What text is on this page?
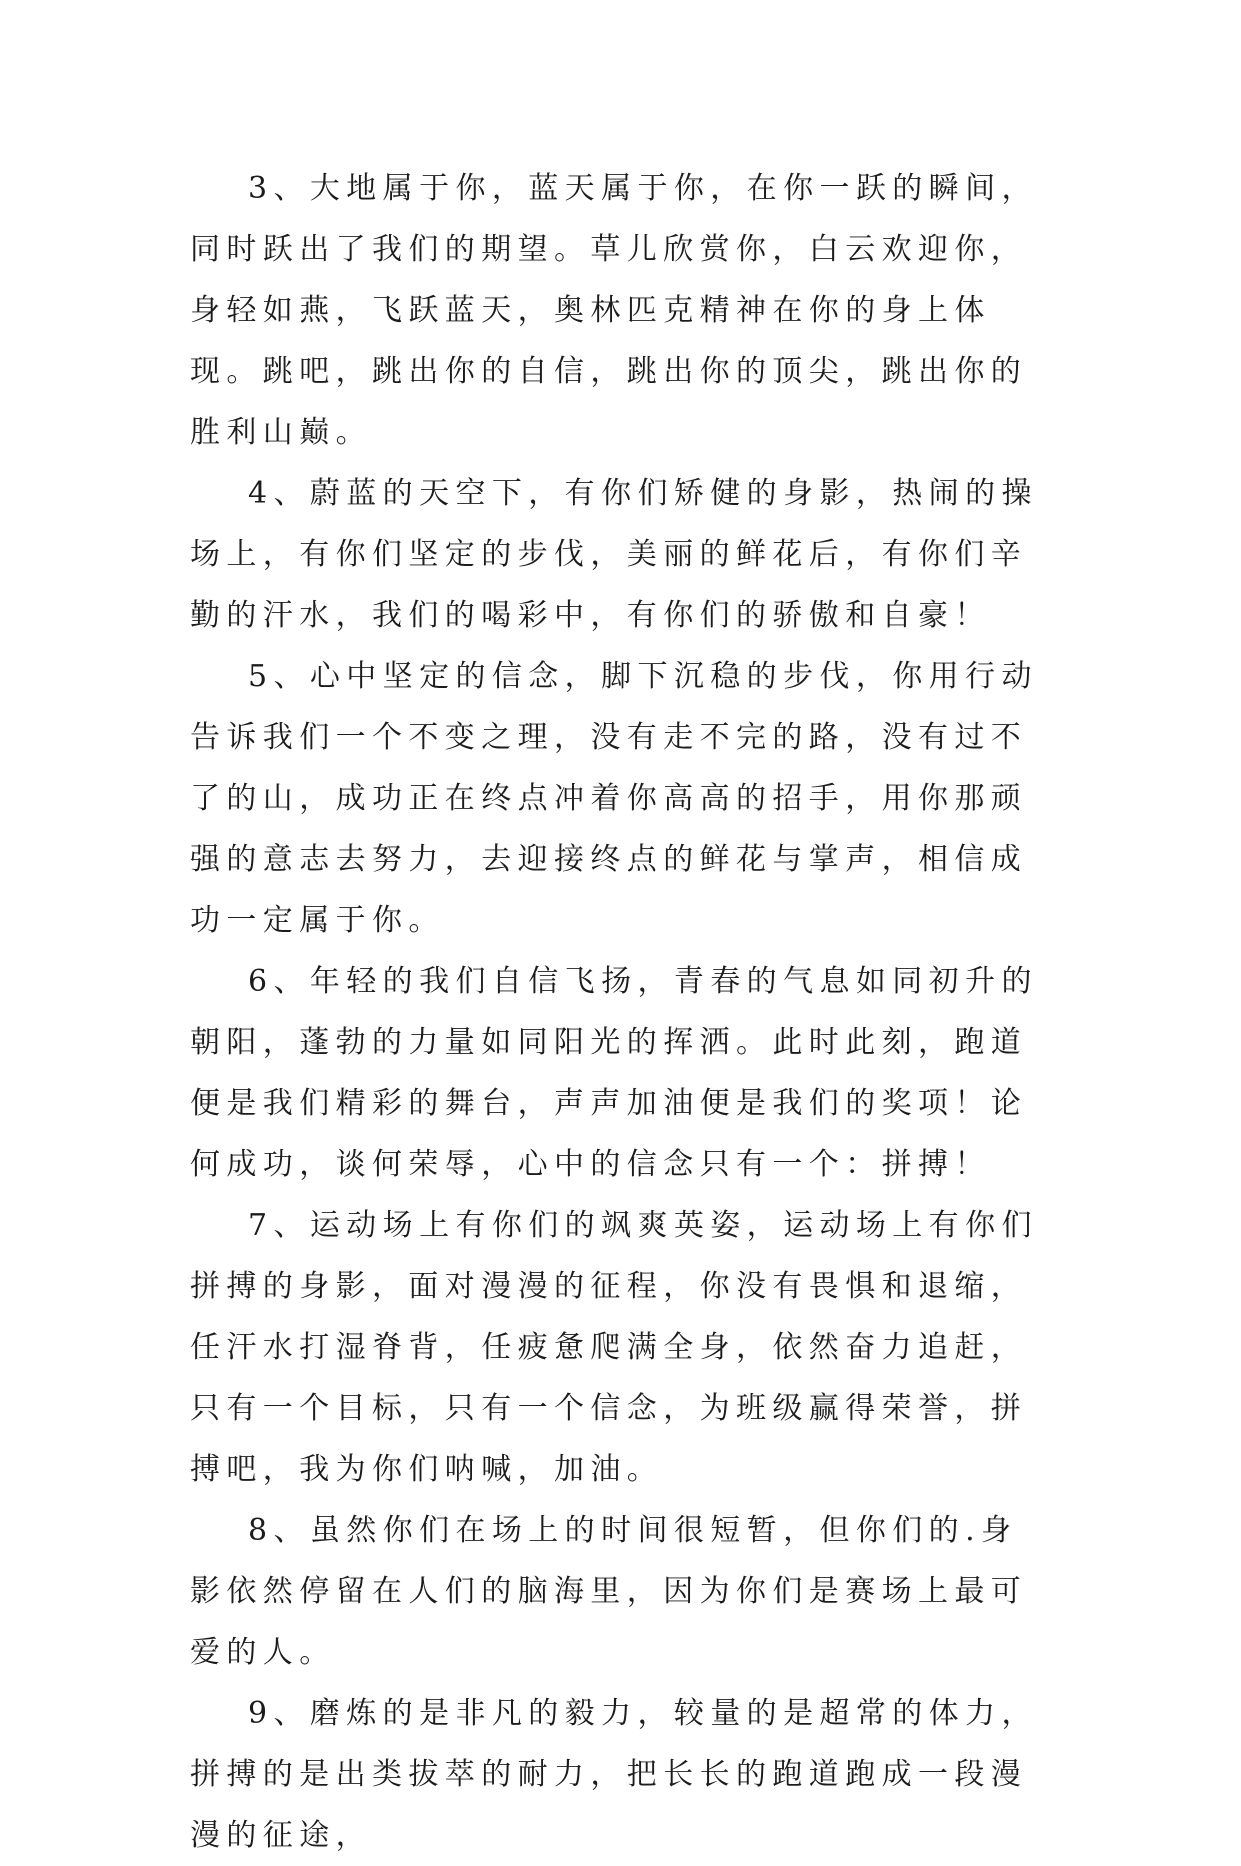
3、大地属于你，蓝天属于你，在你一跃的瞬间，同时跃出了我们的期望。草儿欣赏你，白云欢迎你，身轻如燕，飞跃蓝天，奥林匹克精神在你的身上体现。跳吧，跳出你的自信，跳出你的顶尖，跳出你的胜利山巅。

4、蔚蓝的天空下，有你们矫健的身影，热闹的操场上，有你们坚定的步伐，美丽的鲜花后，有你们辛勤的汗水，我们的喝彩中，有你们的骄傲和自豪！

5、心中坚定的信念，脚下沉稳的步伐，你用行动告诉我们一个不变之理，没有走不完的路，没有过不了的山，成功正在终点冲着你高高的招手，用你那顽强的意志去努力，去迎接终点的鲜花与掌声，相信成功一定属于你。

6、年轻的我们自信飞扬，青春的气息如同初升的朝阳，蓬勃的力量如同阳光的挥洒。此时此刻，跑道便是我们精彩的舞台，声声加油便是我们的奖项！论何成功，谈何荣辱，心中的信念只有一个：拼搏！

7、运动场上有你们的飒爽英姿，运动场上有你们拼搏的身影，面对漫漫的征程，你没有畏惧和退缩，任汗水打湿脊背，任疲惫爬满全身，依然奋力追赶，只有一个目标，只有一个信念，为班级赢得荣誉，拼搏吧，我为你们呐喊，加油。

8、虽然你们在场上的时间很短暂，但你们的.身影依然停留在人们的脑海里，因为你们是赛场上最可爱的人。

9、磨炼的是非凡的毅力，较量的是超常的体力，拼搏的是出类拔萃的耐力，把长长的跑道跑成一段漫漫的征途，
